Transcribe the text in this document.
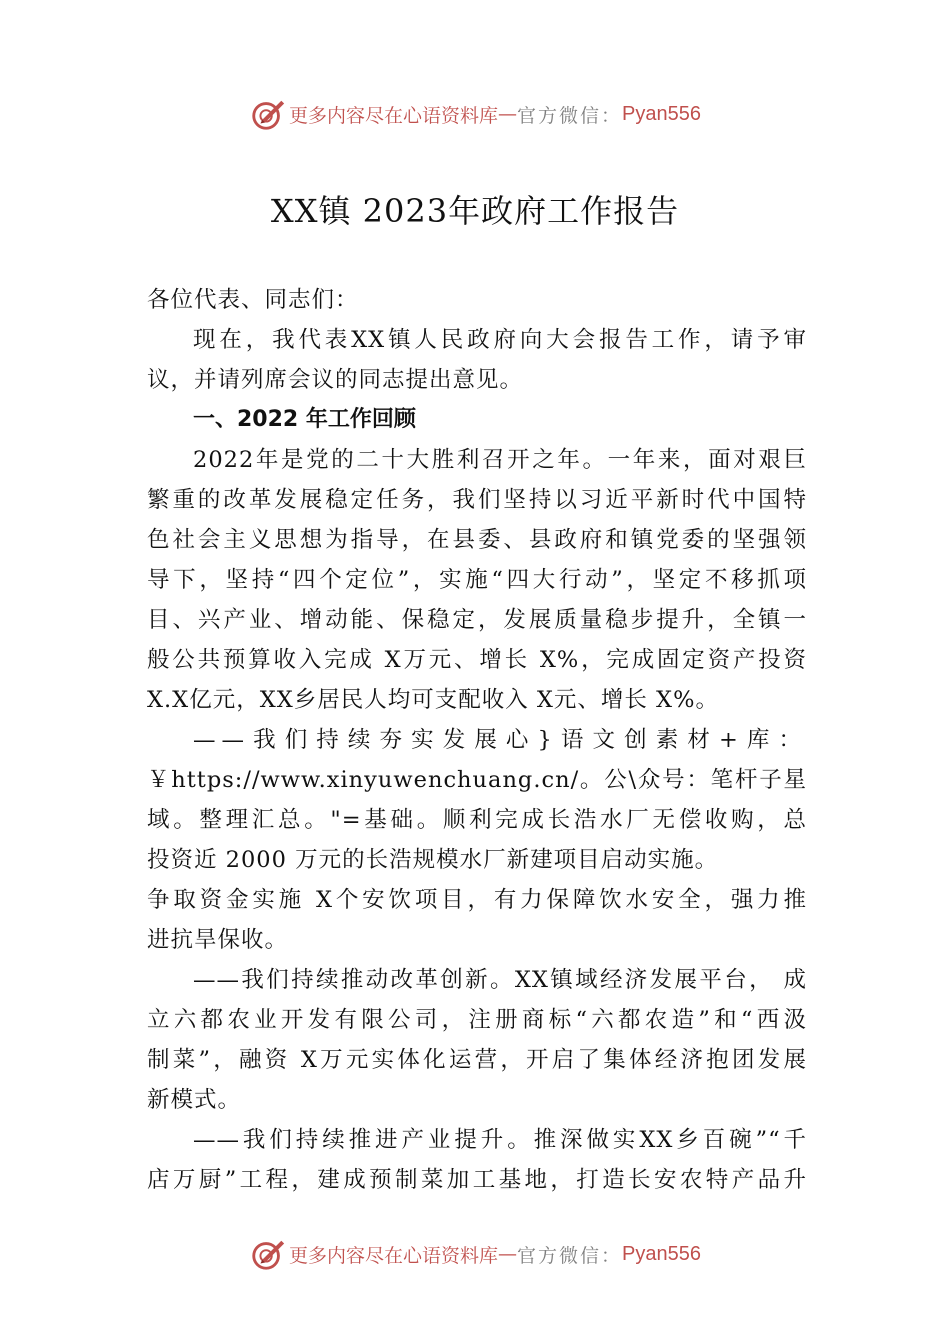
更多内容尽在心语资料库 — 官方微信： Pyan556
XX镇 2023年政府工作报告
各位代表、同志们：
现在，我代表XX镇人民政府向大会报告工作，请予审
议，并请列席会议的同志提出意见。
一、2022 年工作回顾
2022年是党的二十大胜利召开之年。一年来，面对艰巨
繁重的改革发展稳定任务，我们坚持以习近平新时代中国特
色社会主义思想为指导，在县委、县政府和镇党委的坚强领
导下，坚持“四个定位”，实施“四大行动”，坚定不移抓项
目、兴产业、增动能、保稳定，发展质量稳步提升，全镇一
般公共预算收入完成 X万元、增长 X%，完成固定资产投资
X.X亿元，XX乡居民人均可支配收入 X元、增长 X%。
——我们持续夯实发展心}语文创素材+库：
￥https://www.xinyuwenchuang.cn/。公\众号：笔杆子星
域。整理汇总。"=基础。顺利完成长浩水厂无偿收购，总
投资近 2000 万元的长浩规模水厂新建项目启动实施。
争取资金实施 X个安饮项目，有力保障饮水安全，强力推
进抗旱保收。
——我们持续推动改革创新。XX镇域经济发展平台， 成
立六都农业开发有限公司，注册商标“六都农造”和“西汲
制菜”，融资 X万元实体化运营，开启了集体经济抱团发展
新模式。
——我们持续推进产业提升。推深做实XX乡百碗”“千
店万厨”工程，建成预制菜加工基地，打造长安农特产品升
更多内容尽在心语资料库 — 官方微信： Pyan556
